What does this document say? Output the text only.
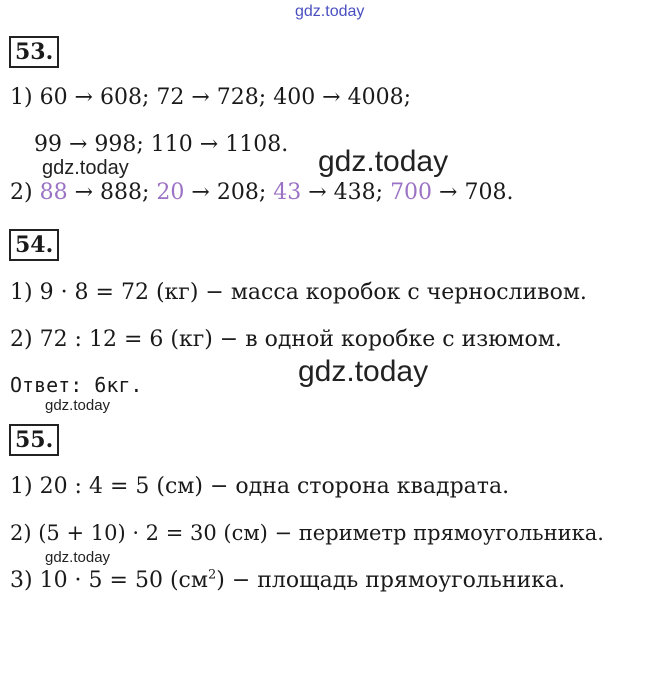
gdz.today
gdz.today	gdz.today
gdz.today
gdz.today
gdz.today
53.
1) 60 → 608; 72 → 728; 400 → 4008;
99 → 998; 110 → 1108.
2) 88 → 888; 20 → 208; 43 → 438; 700 → 708.
54.
1) 9 · 8 = 72 (кг) − масса коробок с черносливом.
2) 72 : 12 = 6 (кг) − в одной коробке с изюмом.
Ответ: 6кг.
55.
1) 20 : 4 = 5 (см) − одна сторона квадрата.
2) (5 + 10) · 2 = 30 (см) − периметр прямоугольника.
3) 10 · 5 = 50 $(см^2)$ − площадь прямоугольника.
